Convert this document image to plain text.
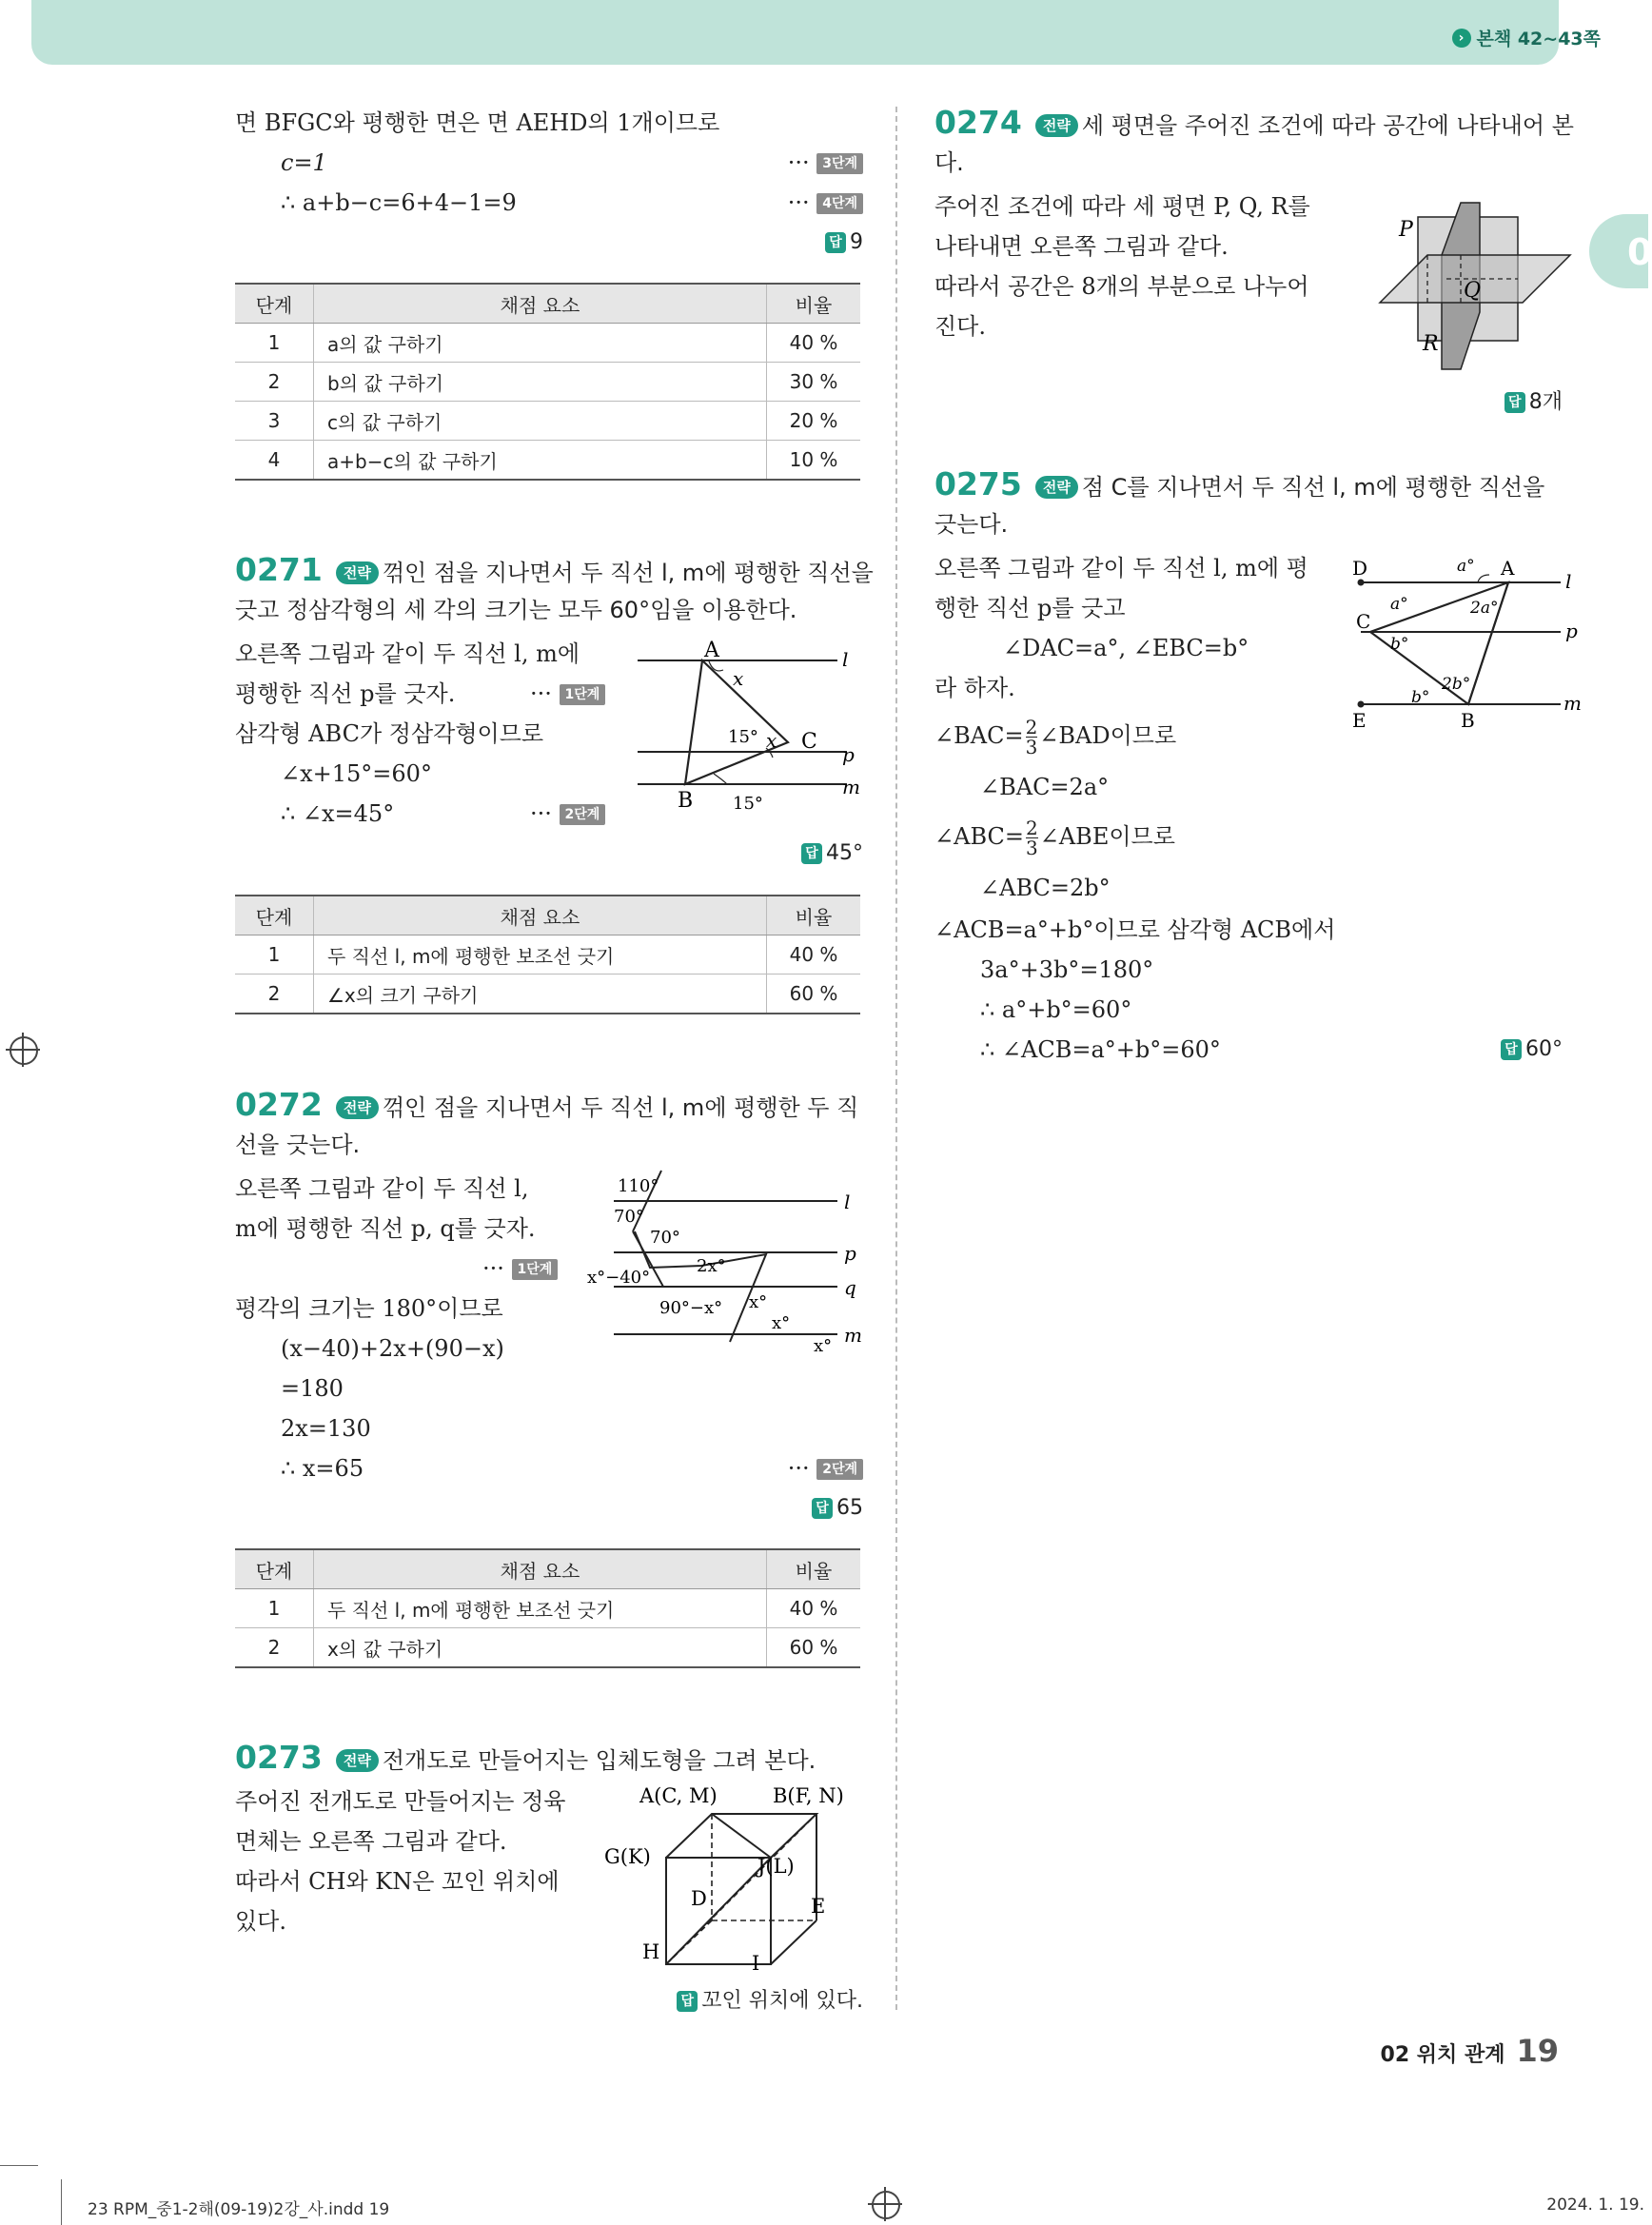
› 본책 42~43쪽
0
면 BFGC와 평행한 면은 면 AEHD의 1개이므로
c=1	··· 3단계
∴ a+b−c=6+4−1=9	··· 4단계
답 9
단계	채점 요소	비율
1	a의 값 구하기	40 %
2	b의 값 구하기	30 %
3	c의 값 구하기	20 %
4	a+b−c의 값 구하기	10 %
0271 전략 꺾인 점을 지나면서 두 직선 l, m에 평행한 직선을
긋고 정삼각형의 세 각의 크기는 모두 60°임을 이용한다.
오른쪽 그림과 같이 두 직선 l, m에
평행한 직선 p를 긋자.	··· 1단계
삼각형 ABC가 정삼각형이므로
∠x+15°=60°
∴ ∠x=45°	··· 2단계
답 45°
A
B
C
x
x
15°
15°
l
p
m
단계	채점 요소	비율
1	두 직선 l, m에 평행한 보조선 긋기	40 %
2	∠x의 크기 구하기	60 %
0272 전략 꺾인 점을 지나면서 두 직선 l, m에 평행한 두 직
선을 긋는다.
오른쪽 그림과 같이 두 직선 l,
m에 평행한 직선 p, q를 긋자.
··· 1단계
평각의 크기는 180°이므로
(x−40)+2x+(90−x)
=180
2x=130
∴ x=65	··· 2단계
답 65
110°
70°
70°
x°−40°
2x°
90°−x° x°
x°
x°
l
p
q
m
단계	채점 요소	비율
1	두 직선 l, m에 평행한 보조선 긋기	40 %
2	x의 값 구하기	60 %
0273 전략 전개도로 만들어지는 입체도형을 그려 본다.
주어진 전개도로 만들어지는 정육
면체는 오른쪽 그림과 같다.
따라서 CH와 KN은 꼬인 위치에
있다.
답 꼬인 위치에 있다.
A(C, M)	B(F, N)
G(K)	J(L)
D	E
H	I
0274 전략 세 평면을 주어진 조건에 따라 공간에 나타내어 본
다.
주어진 조건에 따라 세 평면 P, Q, R를
나타내면 오른쪽 그림과 같다.
따라서 공간은 8개의 부분으로 나누어
진다.
답 8개
P
Q
R
0275 전략 점 C를 지나면서 두 직선 l, m에 평행한 직선을
긋는다.
오른쪽 그림과 같이 두 직선 l, m에 평
행한 직선 p를 긋고
∠DAC=a°, ∠EBC=b°
라 하자.
∠BAC= $\frac{2}{3}$ ∠BAD이므로
∠BAC=2a°
∠ABC= $\frac{2}{3}$ ∠ABE이므로
∠ABC=2b°
∠ACB=a°+b°이므로 삼각형 ACB에서
3a°+3b°=180°
∴ a°+b°=60°
∴ ∠ACB=a°+b°=60°	답 60°
D	A
C
E	B
a°
a°	2a°
b°
b°
2b°
l
p
m
02 위치 관계 19
23 RPM_중1-2해(09-19)2강_사.indd 19	2024. 1. 19.
